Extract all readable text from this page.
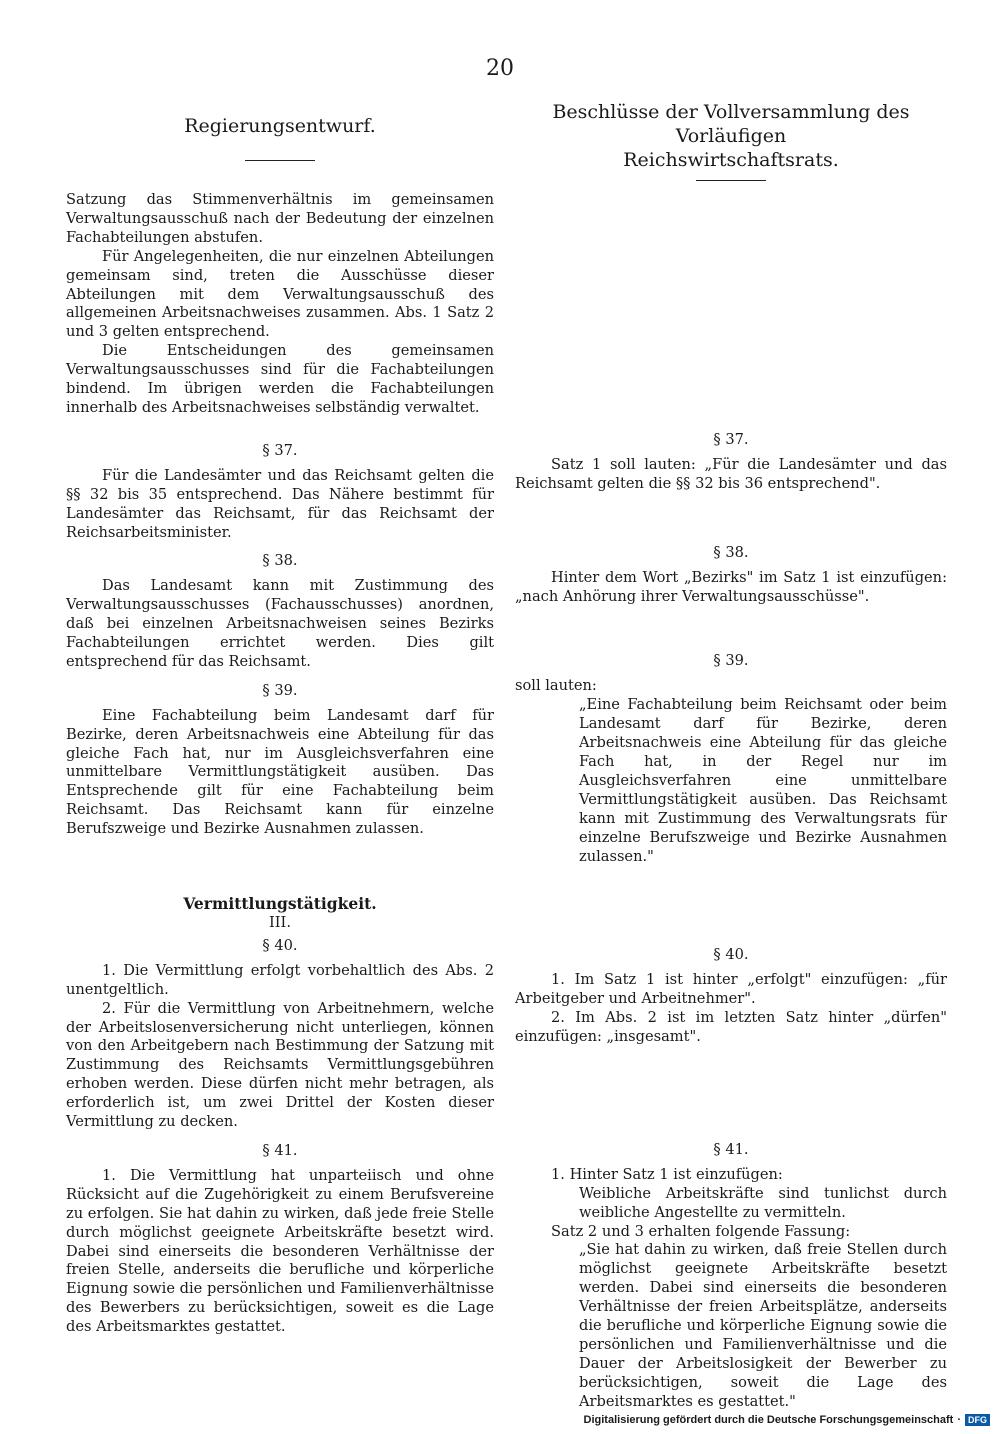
20
Regierungsentwurf.

Satzung das Stimmenverhältnis im gemeinsamen Verwaltungsausschuß nach der Bedeutung der einzelnen Fachabteilungen abstufen.

Für Angelegenheiten, die nur einzelnen Abteilungen gemeinsam sind, treten die Ausschüsse dieser Abteilungen mit dem Verwaltungsausschuß des allgemeinen Arbeitsnachweises zusammen. Abs. 1 Satz 2 und 3 gelten entsprechend.

Die Entscheidungen des gemeinsamen Verwaltungsausschusses sind für die Fachabteilungen bindend. Im übrigen werden die Fachabteilungen innerhalb des Arbeitsnachweises selbständig verwaltet.

§ 37.

Für die Landesämter und das Reichsamt gelten die §§ 32 bis 35 entsprechend. Das Nähere bestimmt für Landesämter das Reichsamt, für das Reichsamt der Reichsarbeitsminister.

§ 38.

Das Landesamt kann mit Zustimmung des Verwaltungsausschusses (Fachausschusses) anordnen, daß bei einzelnen Arbeitsnachweisen seines Bezirks Fachabteilungen errichtet werden. Dies gilt entsprechend für das Reichsamt.

§ 39.

Eine Fachabteilung beim Landesamt darf für Bezirke, deren Arbeitsnachweis eine Abteilung für das gleiche Fach hat, nur im Ausgleichsverfahren eine unmittelbare Vermittlungstätigkeit ausüben. Das Entsprechende gilt für eine Fachabteilung beim Reichsamt. Das Reichsamt kann für einzelne Berufszweige und Bezirke Ausnahmen zulassen.

Vermittlungstätigkeit.
III.
§ 40.

1. Die Vermittlung erfolgt vorbehaltlich des Abs. 2 unentgeltlich.

2. Für die Vermittlung von Arbeitnehmern, welche der Arbeitslosenversicherung nicht unterliegen, können von den Arbeitgebern nach Bestimmung der Satzung mit Zustimmung des Reichsamts Vermittlungsgebühren erhoben werden. Diese dürfen nicht mehr betragen, als erforderlich ist, um zwei Drittel der Kosten dieser Vermittlung zu decken.

§ 41.

1. Die Vermittlung hat unparteiisch und ohne Rücksicht auf die Zugehörigkeit zu einem Berufsvereine zu erfolgen. Sie hat dahin zu wirken, daß jede freie Stelle durch möglichst geeignete Arbeitskräfte besetzt wird. Dabei sind einerseits die besonderen Verhältnisse der freien Stelle, anderseits die berufliche und körperliche Eignung sowie die persönlichen und Familienverhältnisse des Bewerbers zu berücksichtigen, soweit es die Lage des Arbeitsmarktes gestattet.

Beschlüsse der Vollversammlung des Vorläufigen
Reichswirtschaftsrats.
§ 37.

Satz 1 soll lauten: „Für die Landesämter und das Reichsamt gelten die §§ 32 bis 36 entsprechend".

§ 38.

Hinter dem Wort „Bezirks" im Satz 1 ist einzufügen: „nach Anhörung ihrer Verwaltungsausschüsse".

§ 39.

soll lauten:

„Eine Fachabteilung beim Reichsamt oder beim Landesamt darf für Bezirke, deren Arbeitsnachweis eine Abteilung für das gleiche Fach hat, in der Regel nur im Ausgleichsverfahren eine unmittelbare Vermittlungstätigkeit ausüben. Das Reichsamt kann mit Zustimmung des Verwaltungsrats für einzelne Berufszweige und Bezirke Ausnahmen zulassen."

§ 40.

1. Im Satz 1 ist hinter „erfolgt" einzufügen: „für Arbeitgeber und Arbeitnehmer".

2. Im Abs. 2 ist im letzten Satz hinter „dürfen" einzufügen: „insgesamt".

§ 41.

1. Hinter Satz 1 ist einzufügen:

Weibliche Arbeitskräfte sind tunlichst durch weibliche Angestellte zu vermitteln.

Satz 2 und 3 erhalten folgende Fassung:

„Sie hat dahin zu wirken, daß freie Stellen durch möglichst geeignete Arbeitskräfte besetzt werden. Dabei sind einerseits die besonderen Verhältnisse der freien Arbeitsplätze, anderseits die berufliche und körperliche Eignung sowie die persönlichen und Familienverhältnisse und die Dauer der Arbeitslosigkeit der Bewerber zu berücksichtigen, soweit die Lage des Arbeitsmarktes es gestattet."

Digitalisierung gefördert durch die Deutsche Forschungsgemeinschaft · DFG
